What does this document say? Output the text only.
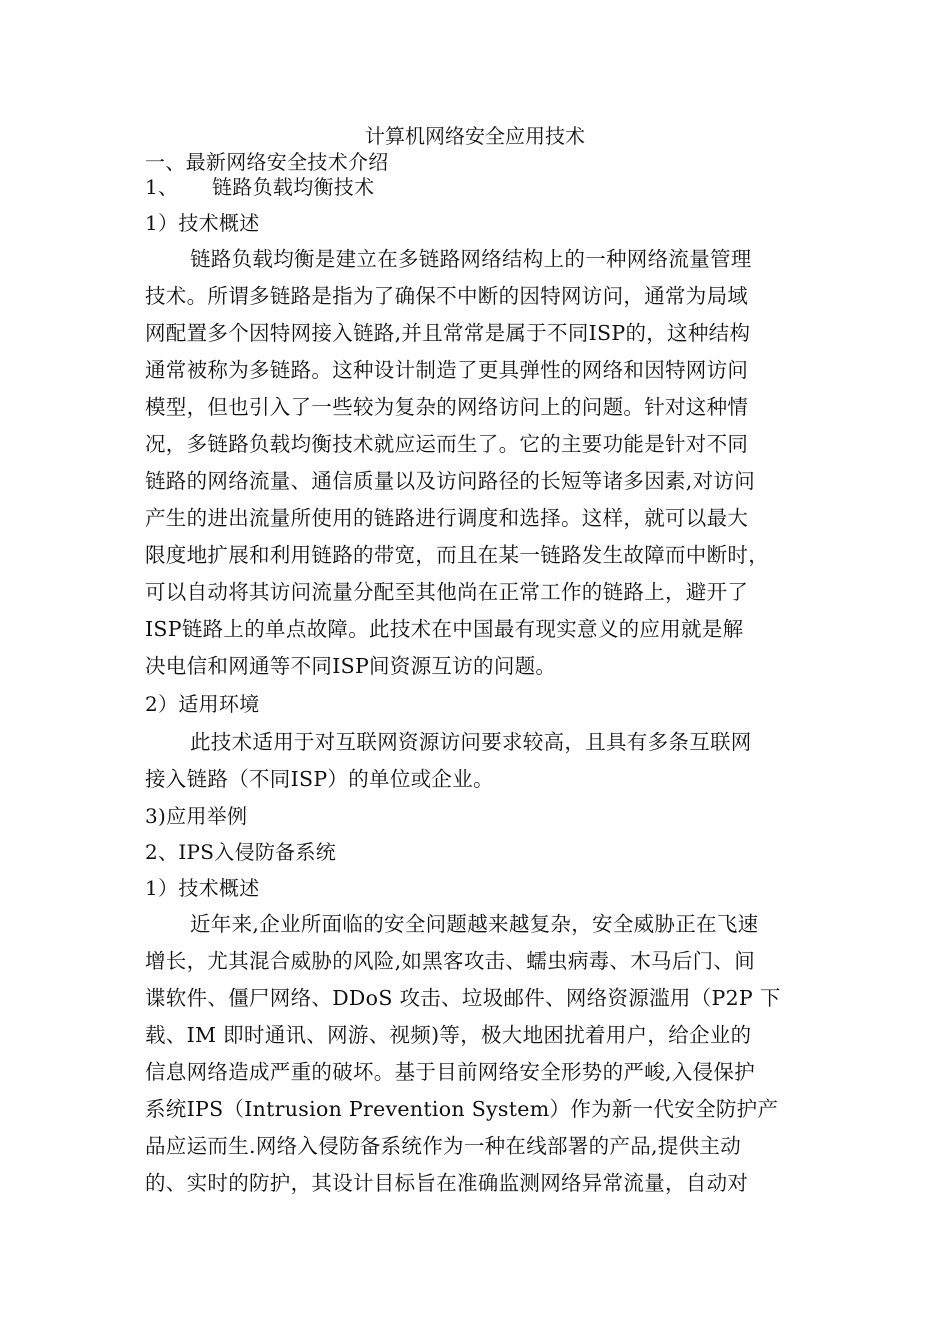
计算机网络安全应用技术
一、最新网络安全技术介绍
1、 链路负载均衡技术
1）技术概述
链路负载均衡是建立在多链路网络结构上的一种网络流量管理
技术。所谓多链路是指为了确保不中断的因特网访问，通常为局域
网配置多个因特网接入链路,并且常常是属于不同ISP的，这种结构
通常被称为多链路。这种设计制造了更具弹性的网络和因特网访问
模型，但也引入了一些较为复杂的网络访问上的问题。针对这种情
况，多链路负载均衡技术就应运而生了。它的主要功能是针对不同
链路的网络流量、通信质量以及访问路径的长短等诸多因素,对访问
产生的进出流量所使用的链路进行调度和选择。这样，就可以最大
限度地扩展和利用链路的带宽，而且在某一链路发生故障而中断时，
可以自动将其访问流量分配至其他尚在正常工作的链路上，避开了
ISP链路上的单点故障。此技术在中国最有现实意义的应用就是解
决电信和网通等不同ISP间资源互访的问题。
2）适用环境
此技术适用于对互联网资源访问要求较高，且具有多条互联网
接入链路（不同ISP）的单位或企业。
3)应用举例
2、IPS入侵防备系统
1）技术概述
近年来,企业所面临的安全问题越来越复杂，安全威胁正在飞速
增长，尤其混合威胁的风险,如黑客攻击、蠕虫病毒、木马后门、间
谍软件、僵尸网络、DDoS 攻击、垃圾邮件、网络资源滥用（P2P 下
载、IM 即时通讯、网游、视频)等，极大地困扰着用户，给企业的
信息网络造成严重的破坏。基于目前网络安全形势的严峻,入侵保护
系统IPS（Intrusion Prevention System）作为新一代安全防护产
品应运而生.网络入侵防备系统作为一种在线部署的产品,提供主动
的、实时的防护，其设计目标旨在准确监测网络异常流量，自动对
